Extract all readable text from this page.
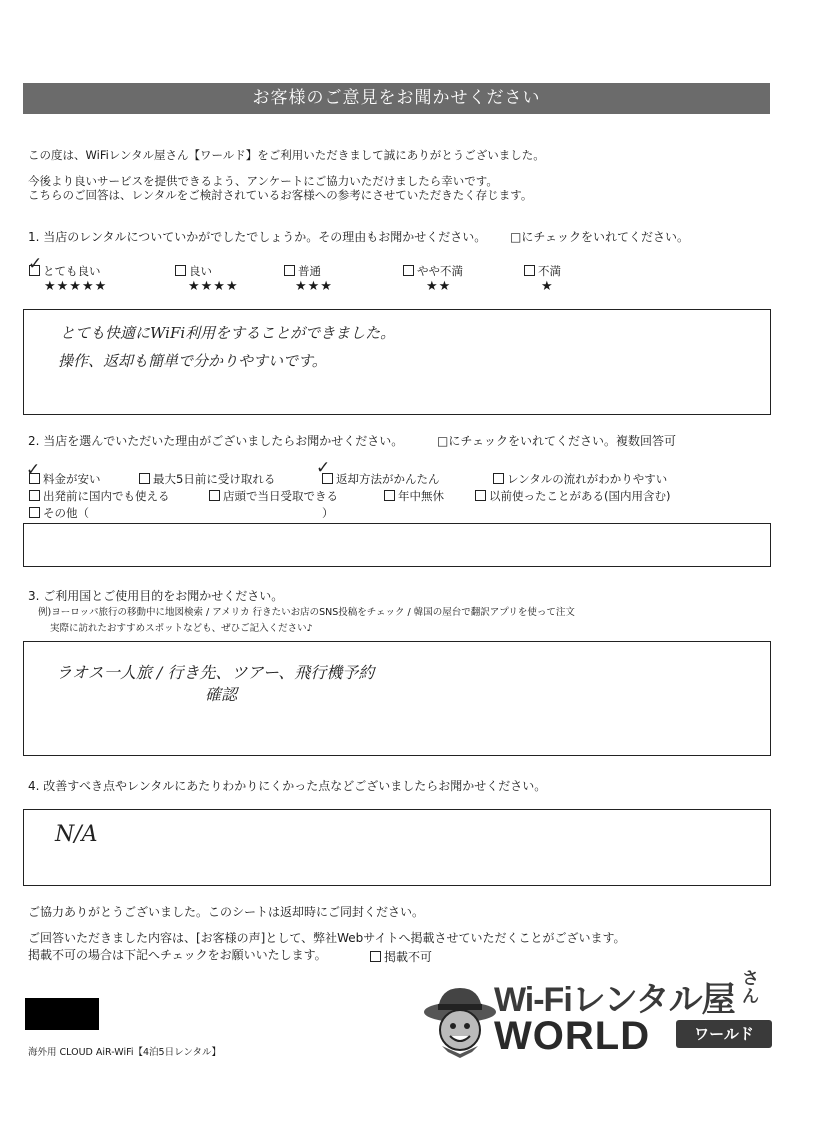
お客様のご意見をお聞かせください
この度は、WiFiレンタル屋さん【ワールド】をご利用いただきまして誠にありがとうございました。
今後より良いサービスを提供できるよう、アンケートにご協力いただけましたら幸いです。
こちらのご回答は、レンタルをご検討されているお客様への参考にさせていただきたく存じます。
1. 当店のレンタルについていかがでしたでしょうか。その理由もお聞かせください。 □にチェックをいれてください。
とても良い
★★★★★
✓	良い
★★★★
普通
★★★
やや不満
★★
不満
★
とても快適にWiFi利用をすることができました。
操作、返却も簡単で分かりやすいです。
2. 当店を選んでいただいた理由がございましたらお聞かせください。	□にチェックをいれてください。複数回答可
料金が安い
✓	最大5日前に受け取れる	返却方法がかんたん
✓
レンタルの流れがわかりやすい
出発前に国内でも使える	店頭で当日受取できる	年中無休	以前使ったことがある(国内用含む)
その他（	）
3. ご利用国とご使用目的をお聞かせください。
例)ヨーロッパ旅行の移動中に地図検索 / アメリカ 行きたいお店のSNS投稿をチェック / 韓国の屋台で翻訳アプリを使って注文
実際に訪れたおすすめスポットなども、ぜひご記入ください♪
ラオス一人旅 / 行き先、ツアー、飛行機予約
確認
4. 改善すべき点やレンタルにあたりわかりにくかった点などございましたらお聞かせください。
N/A
ご協力ありがとうございました。このシートは返却時にご同封ください。
ご回答いただきました内容は、[お客様の声]として、弊社Webサイトへ掲載させていただくことがございます。
掲載不可の場合は下記へチェックをお願いいたします。	掲載不可
海外用 CLOUD AiR-WiFi【4泊5日レンタル】
Wi-Fiレンタル屋
さん
WORLD	ワールド
